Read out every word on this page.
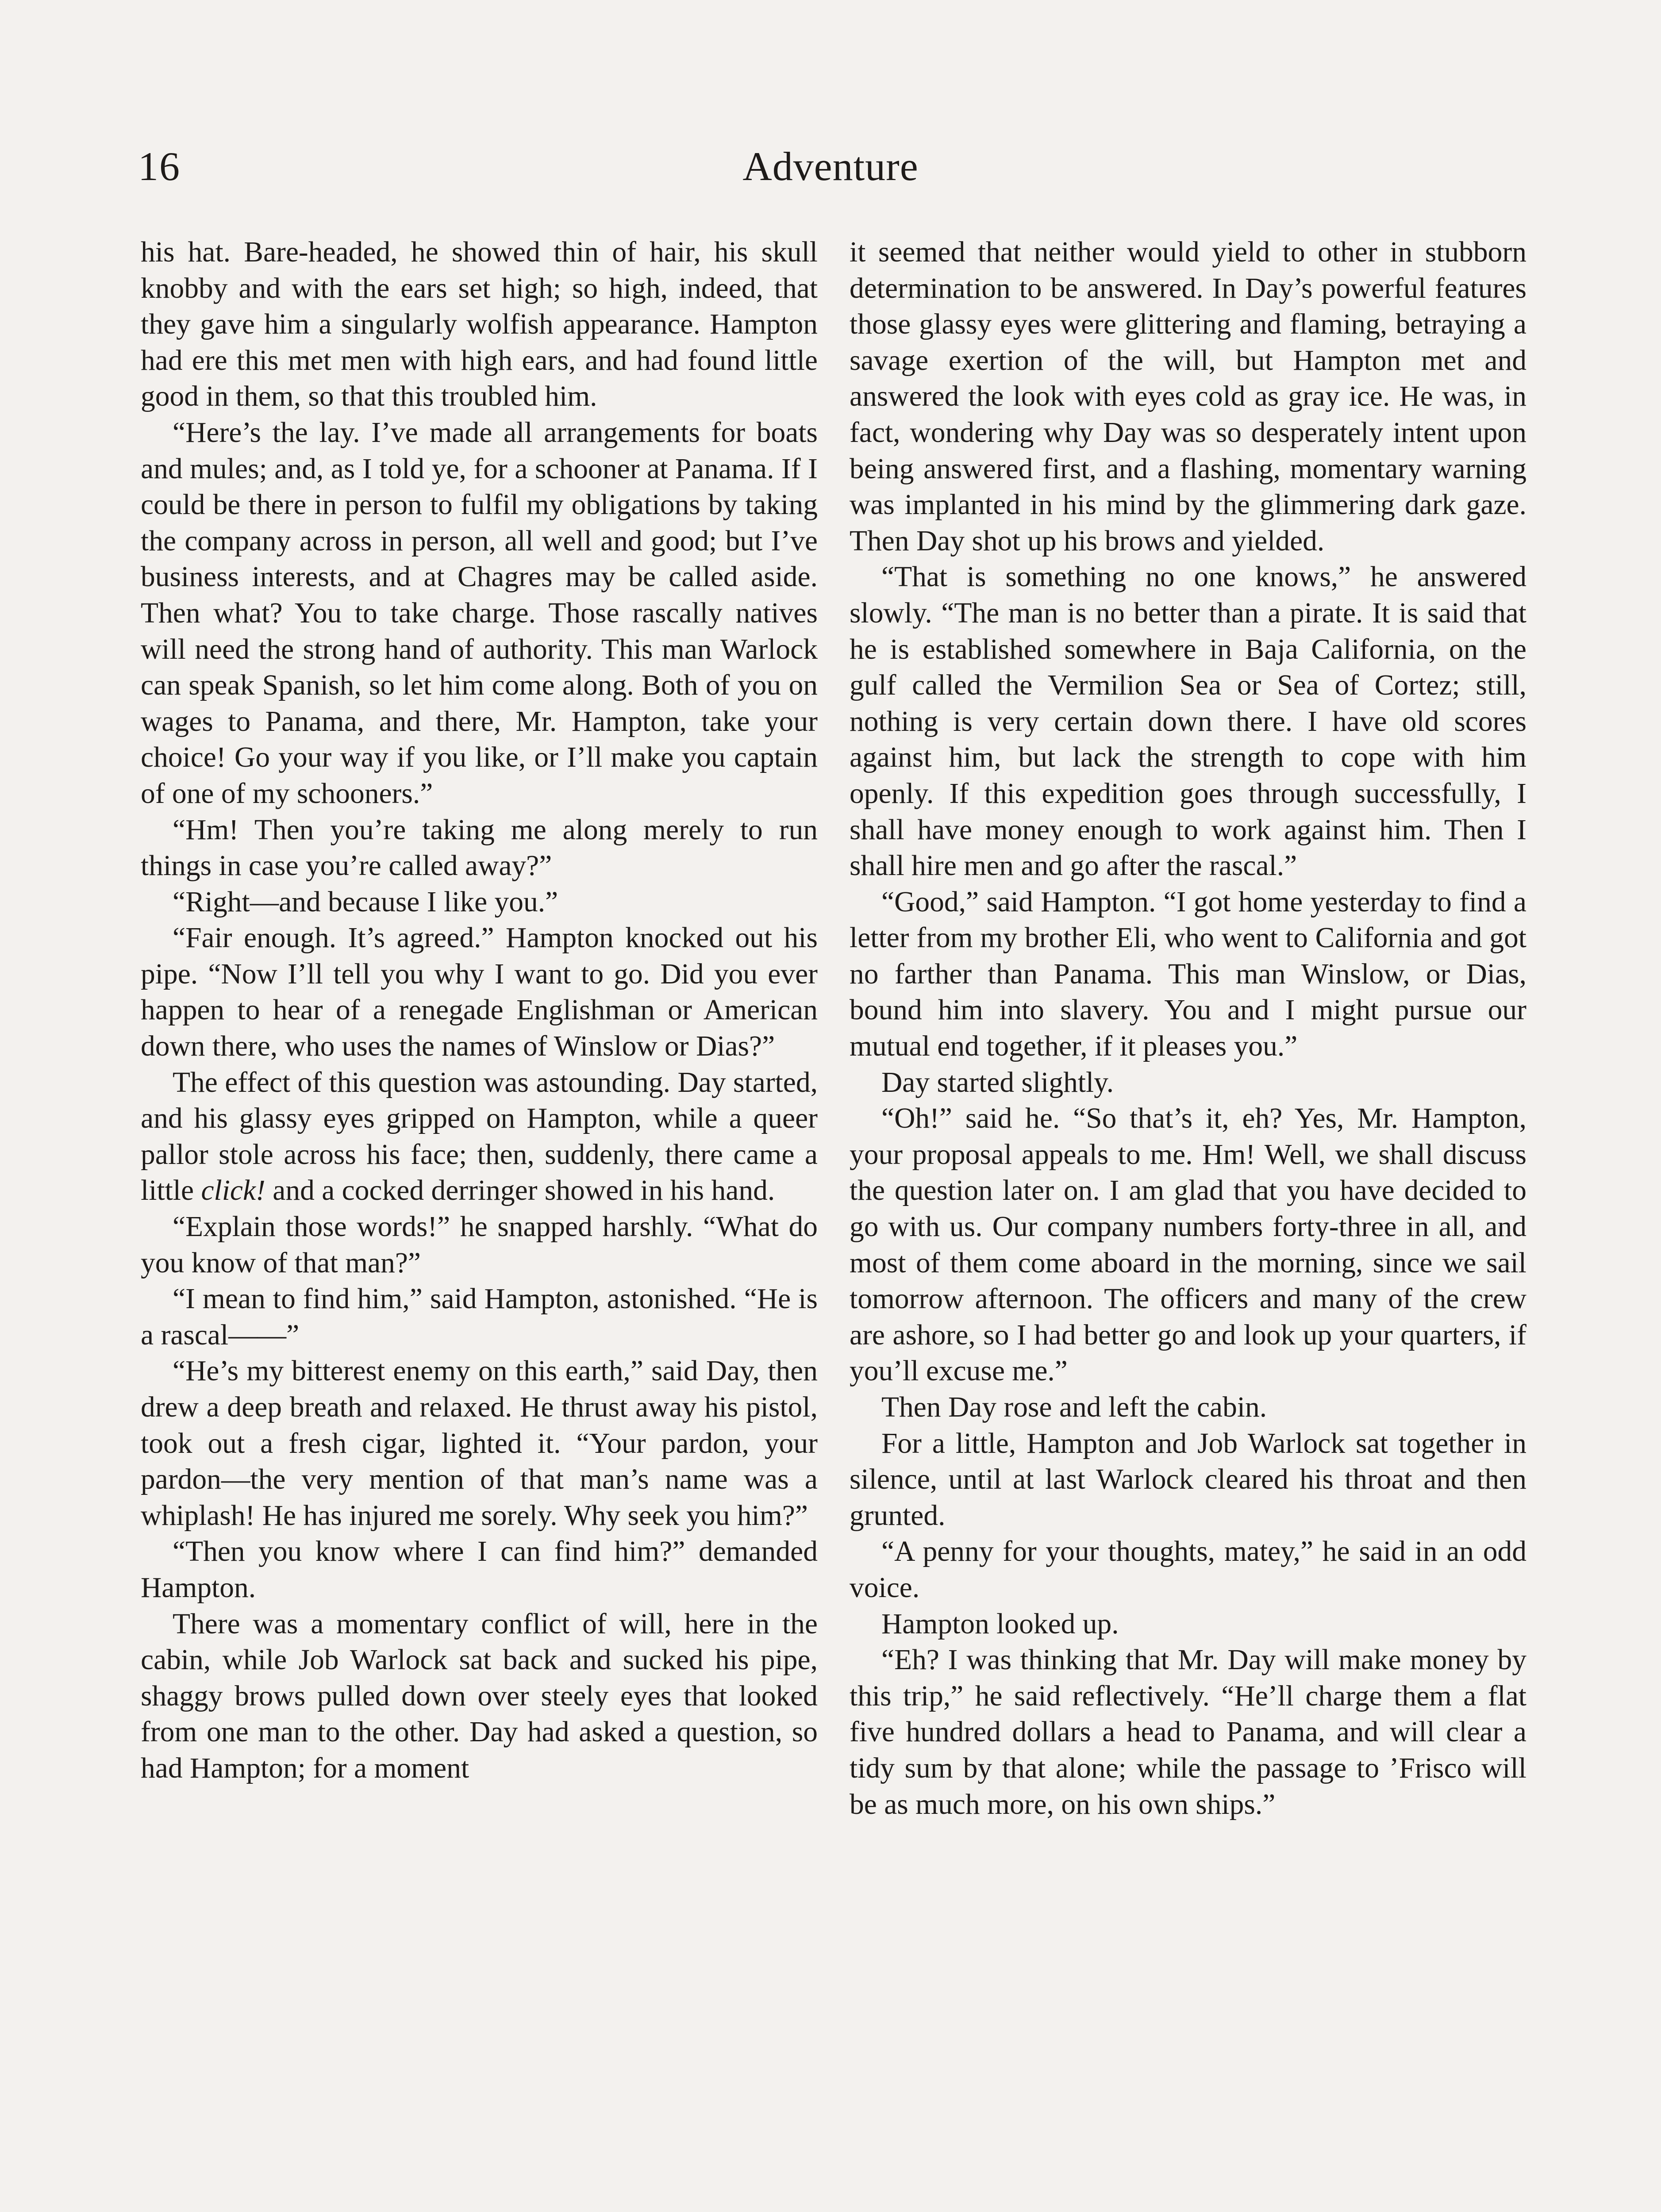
16	Adventure

his hat. Bare-headed, he showed thin of hair, his skull knobby and with the ears set high; so high, indeed, that they gave him a singularly wolfish appearance. Hampton had ere this met men with high ears, and had found little good in them, so that this troubled him.

“Here’s the lay. I’ve made all arrangements for boats and mules; and, as I told ye, for a schooner at Panama. If I could be there in person to fulfil my obligations by taking the company across in person, all well and good; but I’ve business interests, and at Chagres may be called aside. Then what? You to take charge. Those rascally natives will need the strong hand of authority. This man Warlock can speak Spanish, so let him come along. Both of you on wages to Panama, and there, Mr. Hampton, take your choice! Go your way if you like, or I’ll make you captain of one of my schooners.”

“Hm! Then you’re taking me along merely to run things in case you’re called away?”

“Right—and because I like you.”

“Fair enough. It’s agreed.” Hampton knocked out his pipe. “Now I’ll tell you why I want to go. Did you ever happen to hear of a renegade Englishman or American down there, who uses the names of Winslow or Dias?”

The effect of this question was astounding. Day started, and his glassy eyes gripped on Hampton, while a queer pallor stole across his face; then, suddenly, there came a little click! and a cocked derringer showed in his hand.

“Explain those words!” he snapped harshly. “What do you know of that man?”

“I mean to find him,” said Hampton, astonished. “He is a rascal——”

“He’s my bitterest enemy on this earth,” said Day, then drew a deep breath and relaxed. He thrust away his pistol, took out a fresh cigar, lighted it. “Your pardon, your pardon—the very mention of that man’s name was a whiplash! He has injured me sorely. Why seek you him?”

“Then you know where I can find him?” demanded Hampton.

There was a momentary conflict of will, here in the cabin, while Job Warlock sat back and sucked his pipe, shaggy brows pulled down over steely eyes that looked from one man to the other. Day had asked a question, so had Hampton; for a moment

it seemed that neither would yield to other in stubborn determination to be answered. In Day’s powerful features those glassy eyes were glittering and flaming, betraying a savage exertion of the will, but Hampton met and answered the look with eyes cold as gray ice. He was, in fact, wondering why Day was so desperately intent upon being answered first, and a flashing, momentary warning was implanted in his mind by the glimmering dark gaze. Then Day shot up his brows and yielded.

“That is something no one knows,” he answered slowly. “The man is no better than a pirate. It is said that he is established somewhere in Baja California, on the gulf called the Vermilion Sea or Sea of Cortez; still, nothing is very certain down there. I have old scores against him, but lack the strength to cope with him openly. If this expedition goes through successfully, I shall have money enough to work against him. Then I shall hire men and go after the rascal.”

“Good,” said Hampton. “I got home yesterday to find a letter from my brother Eli, who went to California and got no farther than Panama. This man Winslow, or Dias, bound him into slavery. You and I might pursue our mutual end together, if it pleases you.”

Day started slightly.

“Oh!” said he. “So that’s it, eh? Yes, Mr. Hampton, your proposal appeals to me. Hm! Well, we shall discuss the question later on. I am glad that you have decided to go with us. Our company numbers forty-three in all, and most of them come aboard in the morning, since we sail tomorrow afternoon. The officers and many of the crew are ashore, so I had better go and look up your quarters, if you’ll excuse me.”

Then Day rose and left the cabin.

For a little, Hampton and Job Warlock sat together in silence, until at last Warlock cleared his throat and then grunted.

“A penny for your thoughts, matey,” he said in an odd voice.

Hampton looked up.

“Eh? I was thinking that Mr. Day will make money by this trip,” he said reflectively. “He’ll charge them a flat five hundred dollars a head to Panama, and will clear a tidy sum by that alone; while the passage to ’Frisco will be as much more, on his own ships.”
